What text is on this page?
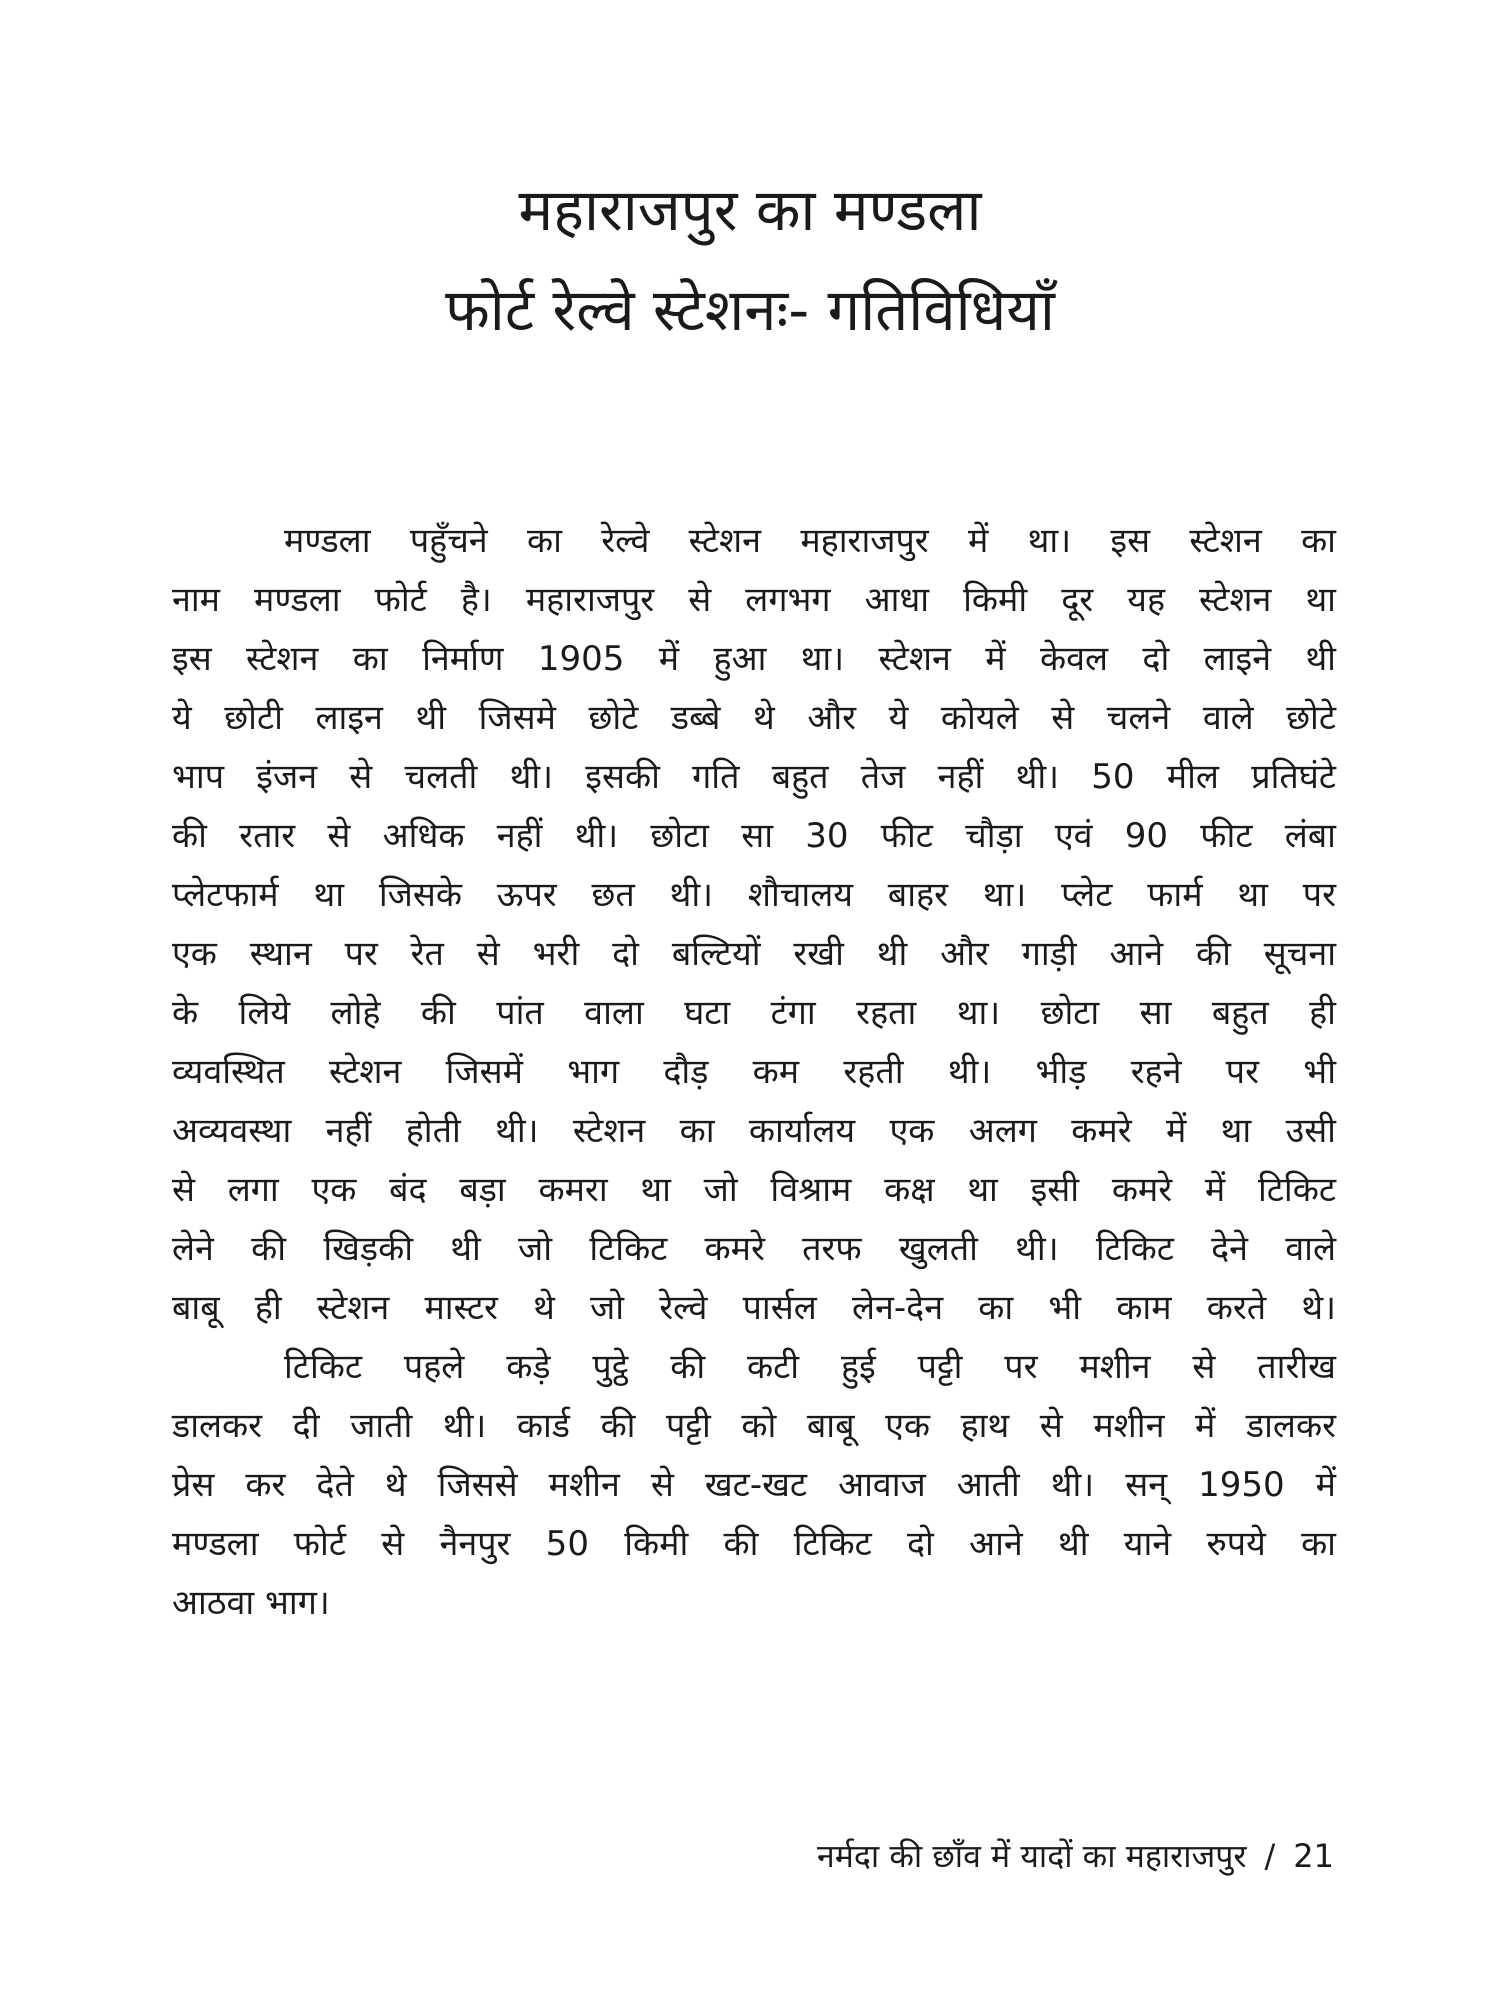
महाराजपुर का मण्डला
फोर्ट रेल्वे स्टेशनः- गतिविधियाँ

मण्डला पहुँचने का रेल्वे स्टेशन महाराजपुर में था। इस स्टेशन का
नाम मण्डला फोर्ट है। महाराजपुर से लगभग आधा किमी दूर यह स्टेशन था
इस स्टेशन का निर्माण 1905 में हुआ था। स्टेशन में केवल दो लाइने थी
ये छोटी लाइन थी जिसमे छोटे डब्बे थे और ये कोयले से चलने वाले छोटे
भाप इंजन से चलती थी। इसकी गति बहुत तेज नहीं थी। 50 मील प्रतिघंटे
की रतार से अधिक नहीं थी। छोटा सा 30 फीट चौड़ा एवं 90 फीट लंबा
प्लेटफार्म था जिसके ऊपर छत थी। शौचालय बाहर था। प्लेट फार्म था पर
एक स्थान पर रेत से भरी दो बल्टियों रखी थी और गाड़ी आने की सूचना
के लिये लोहे की पांत वाला घटा टंगा रहता था। छोटा सा बहुत ही
व्यवस्थित स्टेशन जिसमें भाग दौड़ कम रहती थी। भीड़ रहने पर भी
अव्यवस्था नहीं होती थी। स्टेशन का कार्यालय एक अलग कमरे में था उसी
से लगा एक बंद बड़ा कमरा था जो विश्राम कक्ष था इसी कमरे में टिकिट
लेने की खिड़की थी जो टिकिट कमरे तरफ खुलती थी। टिकिट देने वाले
बाबू ही स्टेशन मास्टर थे जो रेल्वे पार्सल लेन-देन का भी काम करते थे।

टिकिट पहले कड़े पुट्ठे की कटी हुई पट्टी पर मशीन से तारीख
डालकर दी जाती थी। कार्ड की पट्टी को बाबू एक हाथ से मशीन में डालकर
प्रेस कर देते थे जिससे मशीन से खट-खट आवाज आती थी। सन् 1950 में
मण्डला फोर्ट से नैनपुर 50 किमी की टिकिट दो आने थी याने रुपये का
आठवा भाग।

नर्मदा की छाँव में यादों का महाराजपुर / 21
